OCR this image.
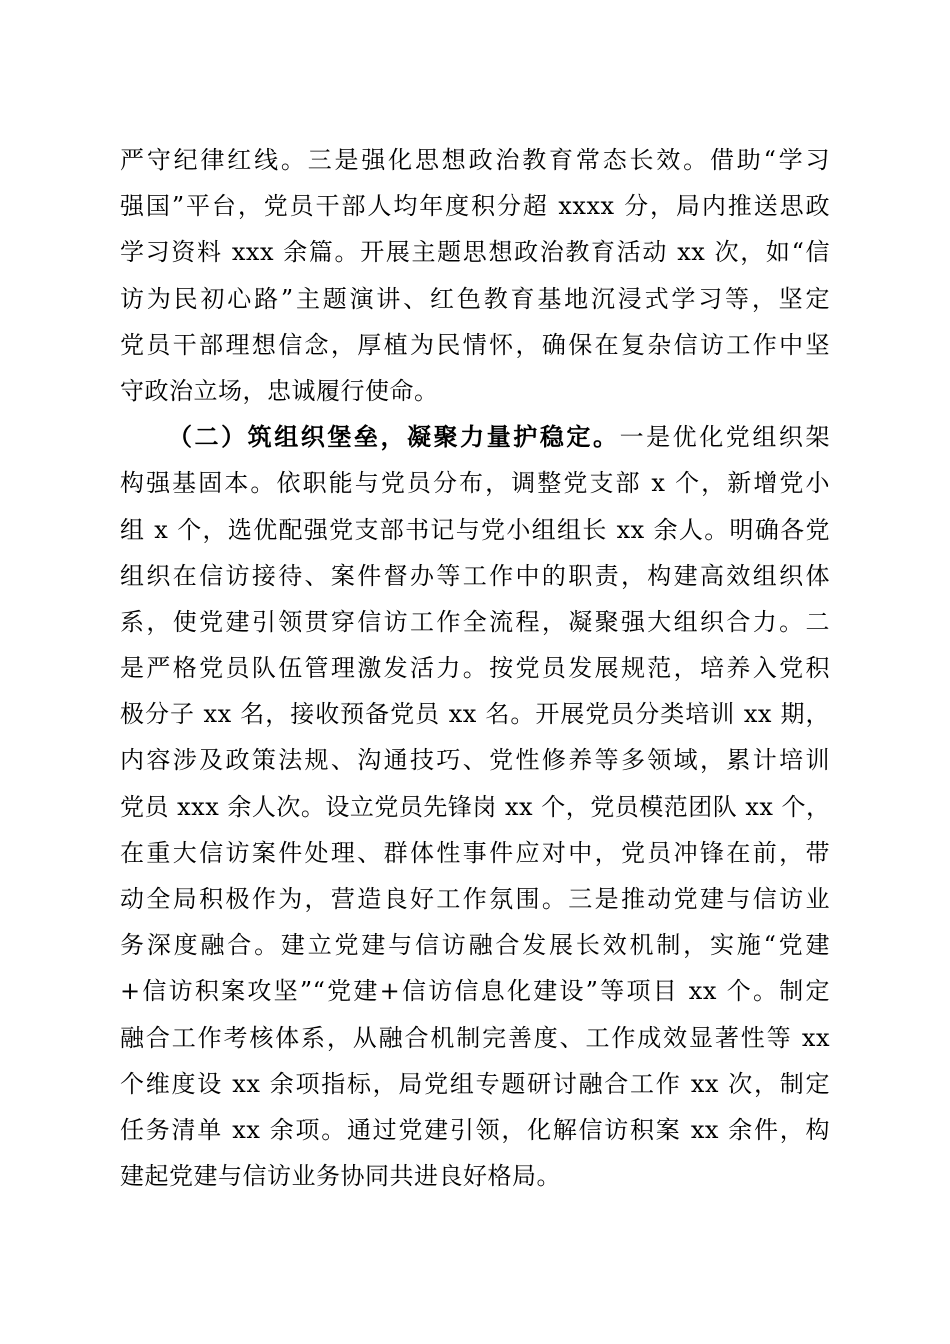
严守纪律红线。三是强化思想政治教育常态长效。借助“学习
强国”平台，党员干部人均年度积分超 xxxx 分，局内推送思政
学习资料 xxx 余篇。开展主题思想政治教育活动 xx 次，如“信
访为民初心路”主题演讲、红色教育基地沉浸式学习等，坚定
党员干部理想信念，厚植为民情怀，确保在复杂信访工作中坚
守政治立场，忠诚履行使命。
（二）筑组织堡垒，凝聚力量护稳定。一是优化党组织架
构强基固本。依职能与党员分布，调整党支部 x 个，新增党小
组 x 个，选优配强党支部书记与党小组组长 xx 余人。明确各党
组织在信访接待、案件督办等工作中的职责，构建高效组织体
系，使党建引领贯穿信访工作全流程，凝聚强大组织合力。二
是严格党员队伍管理激发活力。按党员发展规范，培养入党积
极分子 xx 名，接收预备党员 xx 名。开展党员分类培训 xx 期，
内容涉及政策法规、沟通技巧、党性修养等多领域，累计培训
党员 xxx 余人次。设立党员先锋岗 xx 个，党员模范团队 xx 个，
在重大信访案件处理、群体性事件应对中，党员冲锋在前，带
动全局积极作为，营造良好工作氛围。三是推动党建与信访业
务深度融合。建立党建与信访融合发展长效机制，实施“党建
+信访积案攻坚”“党建+信访信息化建设”等项目 xx 个。制定
融合工作考核体系，从融合机制完善度、工作成效显著性等 xx
个维度设 xx 余项指标，局党组专题研讨融合工作 xx 次，制定
任务清单 xx 余项。通过党建引领，化解信访积案 xx 余件，构
建起党建与信访业务协同共进良好格局。
